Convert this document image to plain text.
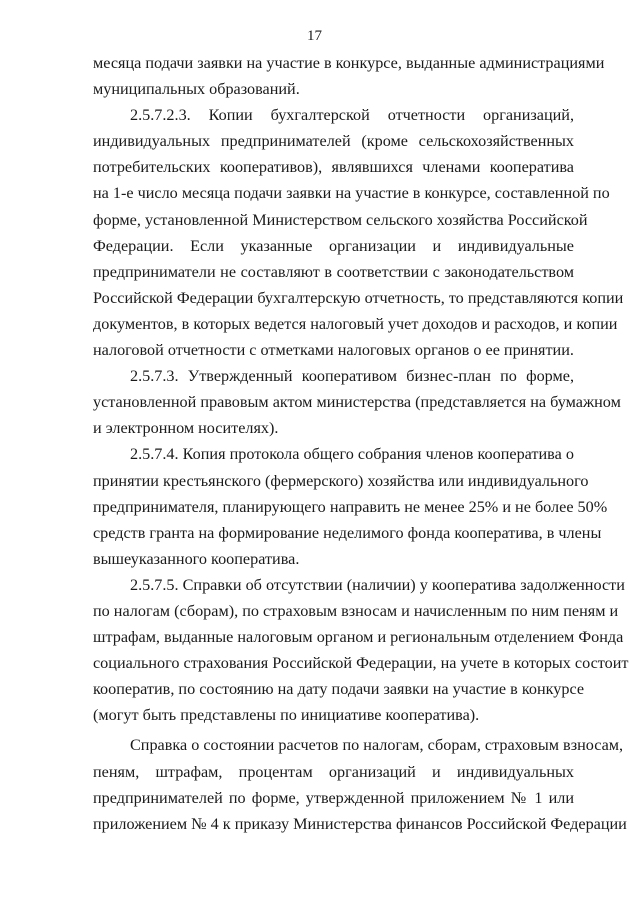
17
месяца подачи заявки на участие в конкурсе, выданные администрациями
муниципальных образований.
2.5.7.2.3. Копии бухгалтерской отчетности организаций,
индивидуальных предпринимателей (кроме сельскохозяйственных
потребительских кооперативов), являвшихся членами кооператива
на 1-е число месяца подачи заявки на участие в конкурсе, составленной по
форме, установленной Министерством сельского хозяйства Российской
Федерации. Если указанные организации и индивидуальные
предприниматели не составляют в соответствии с законодательством
Российской Федерации бухгалтерскую отчетность, то представляются копии
документов, в которых ведется налоговый учет доходов и расходов, и копии
налоговой отчетности с отметками налоговых органов о ее принятии.
2.5.7.3. Утвержденный кооперативом бизнес-план по форме,
установленной правовым актом министерства (представляется на бумажном
и электронном носителях).
2.5.7.4. Копия протокола общего собрания членов кооператива о
принятии крестьянского (фермерского) хозяйства или индивидуального
предпринимателя, планирующего направить не менее 25% и не более 50%
средств гранта на формирование неделимого фонда кооператива, в члены
вышеуказанного кооператива.
2.5.7.5. Справки об отсутствии (наличии) у кооператива задолженности
по налогам (сборам), по страховым взносам и начисленным по ним пеням и
штрафам, выданные налоговым органом и региональным отделением Фонда
социального страхования Российской Федерации, на учете в которых состоит
кооператив, по состоянию на дату подачи заявки на участие в конкурсе
(могут быть представлены по инициативе кооператива).
Справка о состоянии расчетов по налогам, сборам, страховым взносам,
пеням, штрафам, процентам организаций и индивидуальных
предпринимателей по форме, утвержденной приложением № 1 или
приложением № 4 к приказу Министерства финансов Российской Федерации
